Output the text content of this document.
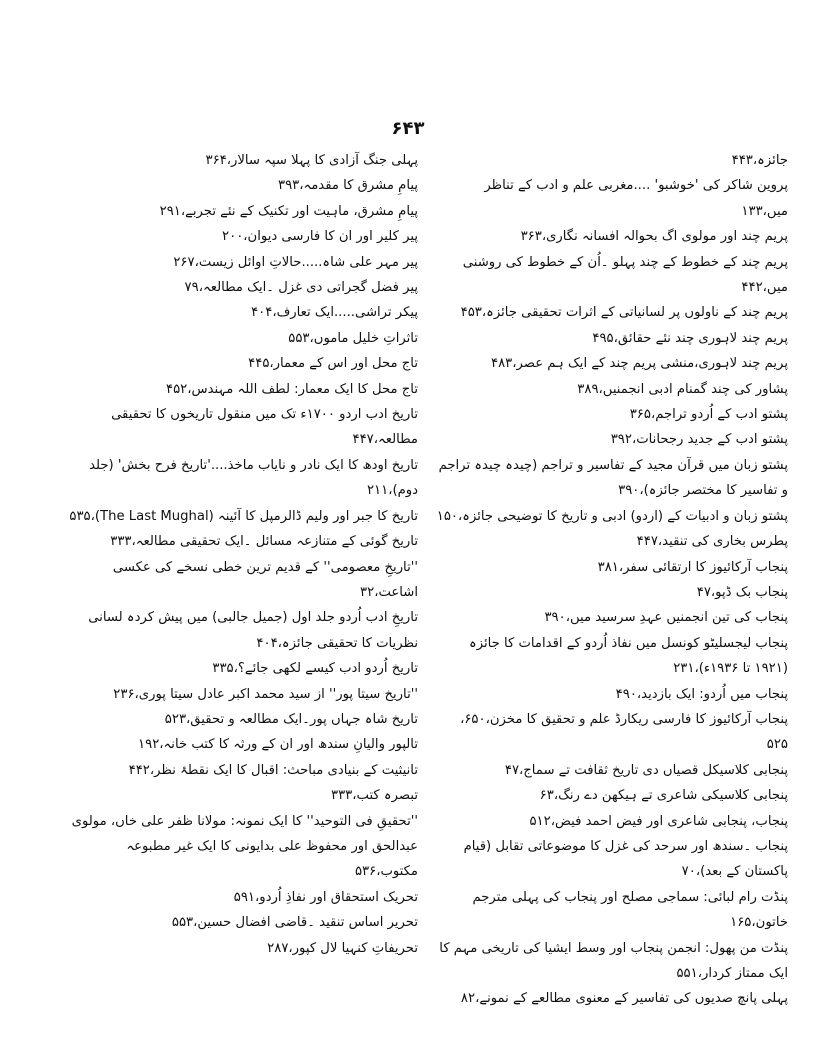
۶۴۳
جائزہ،۴۴۳
پروین شاکر کی 'خوشبو' ....مغربی علم و ادب کے تناظر میں،۱۳۳
پریم چند اور مولوی اگ بحوالہ افسانہ نگاری،۳۶۳
پریم چند کے خطوط کے چند پہلو ۔اُن کے خطوط کی روشنی میں،۴۴۲
پریم چند کے ناولوں پر لسانیاتی کے اثرات تحقیقی جائزہ،۴۵۳
پریم چند لاہوری چند نئے حقائق،۴۹۵
پریم چند لاہوری،منشی پریم چند کے ایک ہم عصر،۴۸۳
پشاور کی چند گمنام ادبی انجمنیں،۳۸۹
پشتو ادب کے اُردو تراجم،۳۶۵
پشتو ادب کے جدید رجحانات،۳۹۲
پشتو زبان میں قرآن مجید کے تفاسیر و تراجم (چیدہ چیدہ تراجم و تفاسیر کا مختصر جائزہ)،۳۹۰
پشتو زبان و ادبیات کے (اردو) ادبی و تاریخ کا توضیحی جائزہ،۱۵۰
پطرس بخاری کی تنقید،۴۴۷
پنجاب آرکائیوز کا ارتقائی سفر،۳۸۱
پنجاب بک ڈپو،۴۷
پنجاب کی تین انجمنیں عہدِ سرسید میں،۳۹۰
پنجاب لیجسلیٹو کونسل میں نفاذ اُردو کے اقدامات کا جائزہ (۱۹۲۱ تا ۱۹۳۶ء)،۲۳۱
پنجاب میں اُردو: ایک بازدید،۴۹۰
پنجاب آرکائیوز کا فارسی ریکارڈ علم و تحقیق کا مخزن،۶۵۰، ۵۲۵
پنجابی کلاسیکل قصیاں دی تاریخ ثقافت تے سماج،۴۷
پنجابی کلاسیکی شاعری تے ہیکھن دے رنگ،۶۳
پنجاب، پنجابی شاعری اور فیض احمد فیض،۵۱۲
پنجاب ۔سندھ اور سرحد کی غزل کا موضوعاتی تقابل (قیام پاکستان کے بعد)،۷۰
پنڈت رام لبائی: سماجی مصلح اور پنجاب کی پہلی مترجم خاتون،۱۶۵
پنڈت من پھول: انجمن پنجاب اور وسط ایشیا کی تاریخی مہم کا ایک ممتاز کردار،۵۵۱
پہلی پانچ صدیوں کی تفاسیر کے معنوی مطالعے کے نمونے،۸۲
پہلی جنگ آزادی کا پہلا سپہ سالار،۳۶۴
پیامِ مشرق کا مقدمہ،۳۹۳
پیامِ مشرق، ماہیت اور تکنیک کے نئے تجربے،۲۹۱
پیر کلیر اور ان کا فارسی دیوان،۲۰۰
پیر مہر علی شاہ.....حالاتِ اوائل زیست،۲۶۷
پیر فضل گجراتی دی غزل ۔ایک مطالعہ،۷۹
پیکر تراشی.....ایک تعارف،۴۰۴
تاثراتِ خلیل ماموں،۵۵۳
تاج محل اور اس کے معمار،۴۴۵
تاج محل کا ایک معمار: لطف اللہ مہندس،۴۵۲
تاریخ ادب اردو ۱۷۰۰ء تک میں منقول تاریخوں کا تحقیقی مطالعہ،۴۴۷
تاریخ اودھ کا ایک نادر و نایاب ماخذ....'تاریخ فرح بخش' (جلد دوم)،۲۱۱
تاریخ کا جبر اور ولیم ڈالرمپل کا آئینہ (The Last Mughal)،۵۳۵
تاریخ گوئی کے متنازعہ مسائل ۔ایک تحقیقی مطالعہ،۳۳۳
''تاریخِ معصومی'' کے قدیم ترین خطی نسخے کی عکسی اشاعت،۳۲
تاریخِ ادب اُردو جلد اول (جمیل جالبی) میں پیش کردہ لسانی نظریات کا تحقیقی جائزہ،۴۰۴
تاریخ اُردو ادب کیسے لکھی جائے؟،۳۳۵
''تاریخ سیتا پور'' از سید محمد اکبر عادل سیتا پوری،۲۳۶
تاریخ شاہ جہاں پور۔ایک مطالعہ و تحقیق،۵۲۳
تالپور والیانِ سندھ اور ان کے ورثہ کا کتب خانہ،۱۹۲
تانیثیت کے بنیادی مباحث: اقبال کا ایک نقطۂ نظر،۴۴۲
تبصرہ کتب،۳۳۳
''تحقیقِ فی التوحید'' کا ایک نمونہ: مولانا ظفر علی خاں، مولوی عبدالحق اور محفوظ علی بدایونی کا ایک غیر مطبوعہ مکتوب،۵۳۶
تحریک استحقاق اور نفاذِ اُردو،۵۹۱
تحریر اساس تنقید ۔قاضی افضال حسین،۵۵۳
تحریفاتِ کنہیا لال کپور،۲۸۷
